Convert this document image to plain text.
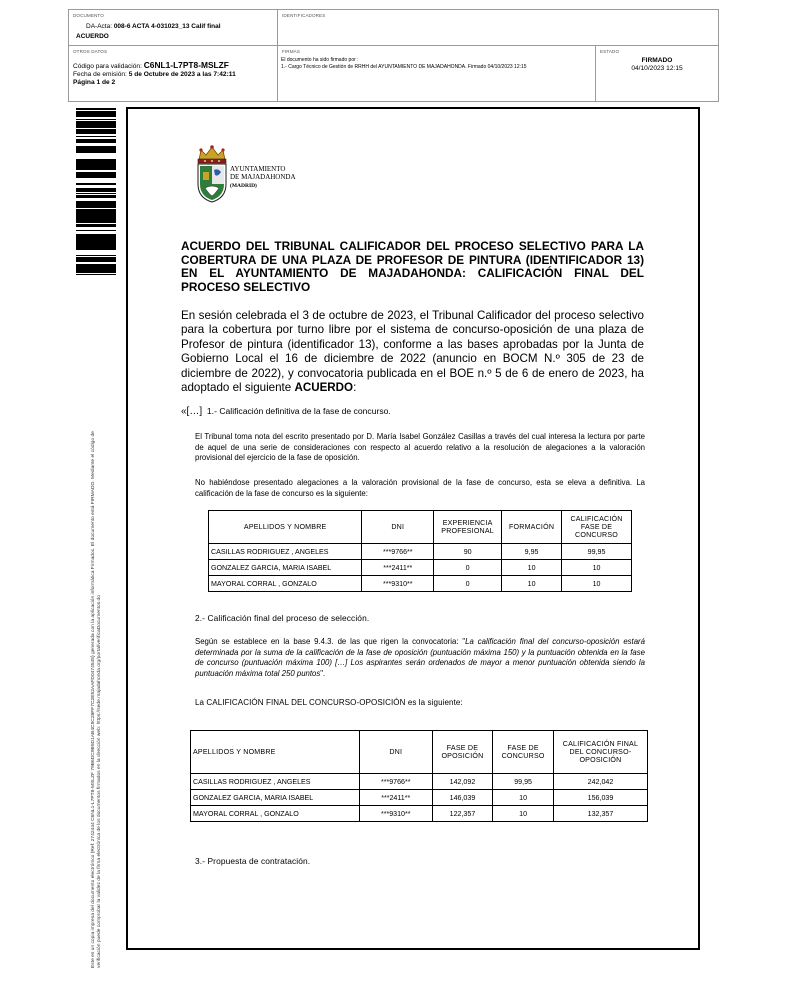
DOCUMENTO
DA-Acta: 008-6 ACTA 4-031023_13 Calif final
ACUERDO
IDENTIFICADORES
OTROS DATOS
Código para validación: C6NL1-L7PT8-MSLZF
Fecha de emisión: 5 de Octubre de 2023 a las 7:42:11
Página 1 de 2
FIRMAS
El documento ha sido firmado por :
1.- Cargo Técnico de Gestión de RRHH del AYUNTAMIENTO DE MAJADAHONDA. Firmado 04/10/2023 12:15
ESTADO
FIRMADO
04/10/2023 12:15
Este es un copia impresa del documento electrónico (Ref: 2742444 C6NL1-L7PT8-MSLZF 79B6DC9B5D1AB4C5C28FF7C2E52AAFD0474545) generada con la aplicación informática Firmadoc. El documento está FIRMADO. Mediante el código de verificación puede comprobar la validez de la firma electrónica de los documentos firmados en la dirección web: https://sede.majadahonda.org/portal/verificaDocumentos.do
AYUNTAMIENTO
DE MAJADAHONDA
(MADRID)
ACUERDO DEL TRIBUNAL CALIFICADOR DEL PROCESO SELECTIVO PARA LA COBERTURA DE UNA PLAZA DE PROFESOR DE PINTURA (IDENTIFICADOR 13) EN EL AYUNTAMIENTO DE MAJADAHONDA: CALIFICACIÓN FINAL DEL PROCESO SELECTIVO
En sesión celebrada el 3 de octubre de 2023, el Tribunal Calificador del proceso selectivo para la cobertura por turno libre por el sistema de concurso-oposición de una plaza de Profesor de pintura (identificador 13), conforme a las bases aprobadas por la Junta de Gobierno Local el 16 de diciembre de 2022 (anuncio en BOCM N.º 305 de 23 de diciembre de 2022), y convocatoria publicada en el BOE n.º 5 de 6 de enero de 2023, ha adoptado el siguiente ACUERDO:
«[…] 1.- Calificación definitiva de la fase de concurso.
El Tribunal toma nota del escrito presentado por D. María Isabel González Casillas a través del cual interesa la lectura por parte de aquel de una serie de consideraciones con respecto al acuerdo relativo a la resolución de alegaciones a la valoración provisional del ejercicio de la fase de oposición.
No habiéndose presentado alegaciones a la valoración provisional de la fase de concurso, esta se eleva a definitiva. La calificación de la fase de concurso es la siguiente:
APELLIDOS Y NOMBRE	DNI	EXPERIENCIA PROFESIONAL	FORMACIÓN	CALIFICACIÓN FASE DE CONCURSO
CASILLAS RODRIGUEZ , ANGELES	***9766**	90	9,95	99,95
GONZALEZ GARCIA, MARIA ISABEL	***2411**	0	10	10
MAYORAL CORRAL , GONZALO	***9310**	0	10	10
2.- Calificación final del proceso de selección.
Según se establece en la base 9.4.3. de las que rigen la convocatoria: "La calificación final del concurso-oposición estará determinada por la suma de la calificación de la fase de oposición (puntuación máxima 150) y la puntuación obtenida en la fase de concurso (puntuación máxima 100) […] Los aspirantes serán ordenados de mayor a menor puntuación obtenida siendo la puntuación máxima total 250 puntos".
La CALIFICACIÓN FINAL DEL CONCURSO-OPOSICIÓN es la siguiente:
APELLIDOS Y NOMBRE	DNI	FASE DE OPOSICIÓN	FASE DE CONCURSO	CALIFICACIÓN FINAL DEL CONCURSO-OPOSICIÓN
CASILLAS RODRIGUEZ , ANGELES	***9766**	142,092	99,95	242,042
GONZALEZ GARCIA, MARIA ISABEL	***2411**	146,039	10	156,039
MAYORAL CORRAL , GONZALO	***9310**	122,357	10	132,357
3.- Propuesta de contratación.
